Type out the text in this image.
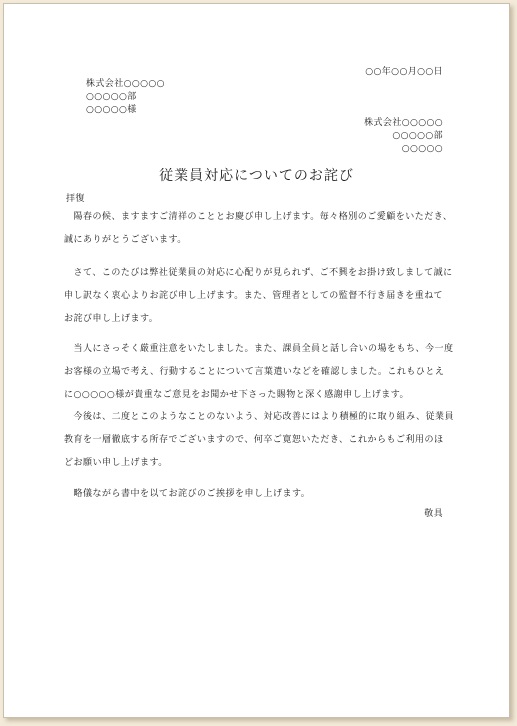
○○年○○月○○日
株式会社○○○○○
○○○○○部
○○○○○様
株式会社○○○○○
○○○○○部
○○○○○
従業員対応についてのお詫び
拝復
　陽春の候、ますますご清祥のこととお慶び申し上げます。毎々格別のご愛顧をいただき、
誠にありがとうございます。
　さて、このたびは弊社従業員の対応に心配りが見られず、ご不興をお掛け致しまして誠に
申し訳なく衷心よりお詫び申し上げます。また、管理者としての監督不行き届きを重ねて
お詫び申し上げます。
　当人にさっそく厳重注意をいたしました。また、課員全員と話し合いの場をもち、今一度
お客様の立場で考え、行動することについて言葉遣いなどを確認しました。これもひとえ
に○○○○○様が貴重なご意見をお聞かせ下さった賜物と深く感謝申し上げます。
　今後は、二度とこのようなことのないよう、対応改善にはより積極的に取り組み、従業員
教育を一層徹底する所存でございますので、何卒ご寛恕いただき、これからもご利用のほ
どお願い申し上げます。
　略儀ながら書中を以てお詫びのご挨拶を申し上げます。
敬具
